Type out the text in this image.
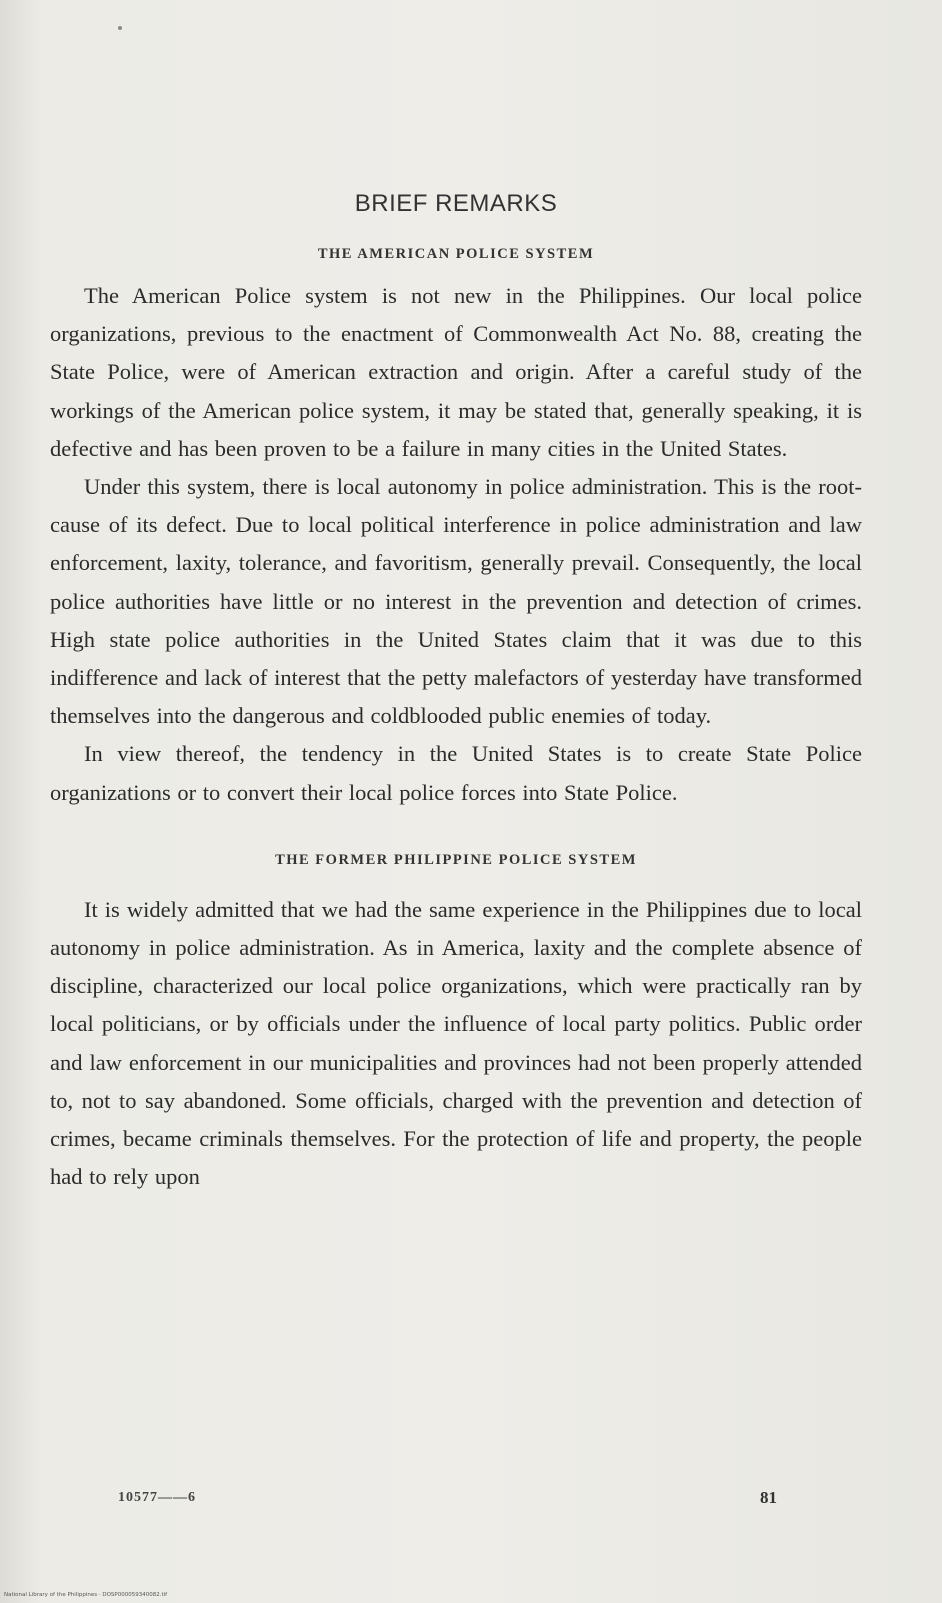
BRIEF REMARKS
THE AMERICAN POLICE SYSTEM

The American Police system is not new in the Philippines. Our local police organizations, previous to the enactment of Commonwealth Act No. 88, creating the State Police, were of American extraction and origin. After a careful study of the workings of the American police system, it may be stated that, generally speaking, it is defective and has been proven to be a failure in many cities in the United States.

Under this system, there is local autonomy in police administration. This is the root-cause of its defect. Due to local political interference in police administration and law enforcement, laxity, tolerance, and favoritism, generally prevail. Consequently, the local police authorities have little or no interest in the prevention and detection of crimes. High state police authorities in the United States claim that it was due to this indifference and lack of interest that the petty malefactors of yesterday have transformed themselves into the dangerous and coldblooded public enemies of today.

In view thereof, the tendency in the United States is to create State Police organizations or to convert their local police forces into State Police.

THE FORMER PHILIPPINE POLICE SYSTEM

It is widely admitted that we had the same experience in the Philippines due to local autonomy in police administration. As in America, laxity and the complete absence of discipline, characterized our local police organizations, which were practically ran by local politicians, or by officials under the influence of local party politics. Public order and law enforcement in our municipalities and provinces had not been properly attended to, not to say abandoned. Some officials, charged with the prevention and detection of crimes, became criminals themselves. For the protection of life and property, the people had to rely upon

10577——6	81
National Library of the Philippines · DOSP000059340082.tif
